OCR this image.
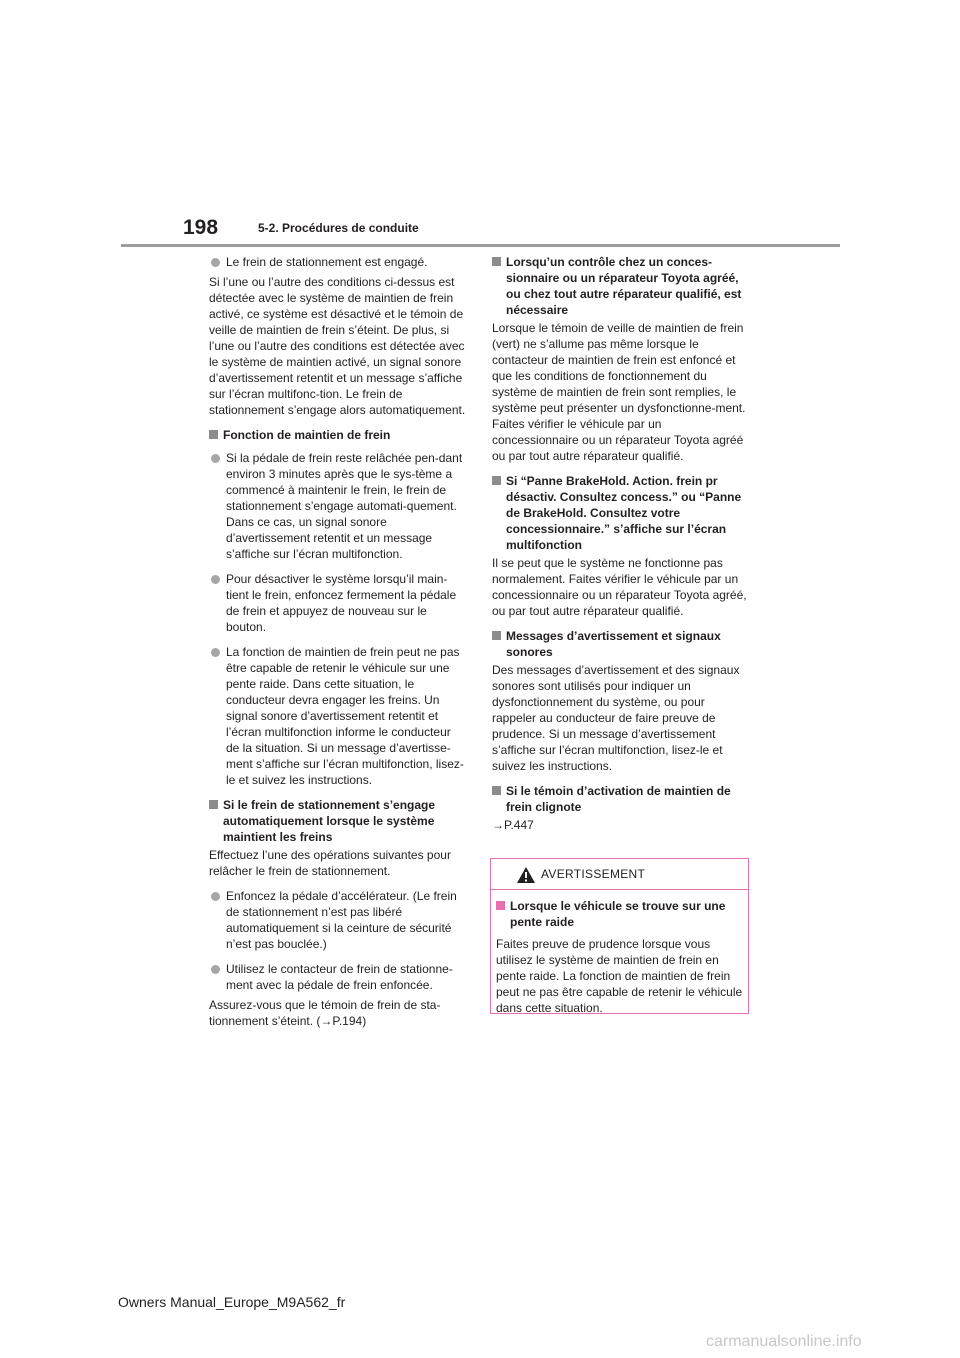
198	5-2. Procédures de conduite
Le frein de stationnement est engagé.

Si l’une ou l’autre des conditions ci-dessus est détectée avec le système de maintien de frein activé, ce système est désactivé et le témoin de veille de maintien de frein s’éteint. De plus, si l’une ou l’autre des conditions est détectée avec le système de maintien activé, un signal sonore d’avertissement retentit et un message s’affiche sur l’écran multifonc-tion. Le frein de stationnement s’engage alors automatiquement.

Fonction de maintien de frein
Si la pédale de frein reste relâchée pen-dant environ 3 minutes après que le sys-tème a commencé à maintenir le frein, le frein de stationnement s’engage automati-quement. Dans ce cas, un signal sonore d’avertissement retentit et un message s’affiche sur l’écran multifonction.
Pour désactiver le système lorsqu’il main-tient le frein, enfoncez fermement la pédale de frein et appuyez de nouveau sur le bouton.
La fonction de maintien de frein peut ne pas être capable de retenir le véhicule sur une pente raide. Dans cette situation, le conducteur devra engager les freins. Un signal sonore d’avertissement retentit et l’écran multifonction informe le conducteur de la situation. Si un message d’avertisse-ment s’affiche sur l’écran multifonction, lisez-le et suivez les instructions.
Si le frein de stationnement s’engage automatiquement lorsque le système maintient les freins

Effectuez l’une des opérations suivantes pour relâcher le frein de stationnement.

Enfoncez la pédale d’accélérateur. (Le frein de stationnement n’est pas libéré automatiquement si la ceinture de sécurité n’est pas bouclée.)
Utilisez le contacteur de frein de stationne-ment avec la pédale de frein enfoncée.

Assurez-vous que le témoin de frein de sta-tionnement s’éteint. (→P.194)

Lorsqu’un contrôle chez un conces-sionnaire ou un réparateur Toyota agréé, ou chez tout autre réparateur qualifié, est nécessaire

Lorsque le témoin de veille de maintien de frein (vert) ne s’allume pas même lorsque le contacteur de maintien de frein est enfoncé et que les conditions de fonctionnement du système de maintien de frein sont remplies, le système peut présenter un dysfonctionne-ment. Faites vérifier le véhicule par un concessionnaire ou un réparateur Toyota agréé ou par tout autre réparateur qualifié.

Si “Panne BrakeHold. Action. frein pr désactiv. Consultez concess.” ou “Panne de BrakeHold. Consultez votre concessionnaire.” s’affiche sur l’écran multifonction

Il se peut que le système ne fonctionne pas normalement. Faites vérifier le véhicule par un concessionnaire ou un réparateur Toyota agréé, ou par tout autre réparateur qualifié.

Messages d’avertissement et signaux sonores

Des messages d’avertissement et des signaux sonores sont utilisés pour indiquer un dysfonctionnement du système, ou pour rappeler au conducteur de faire preuve de prudence. Si un message d’avertissement s’affiche sur l’écran multifonction, lisez-le et suivez les instructions.

Si le témoin d’activation de maintien de frein clignote

→P.447

AVERTISSEMENT
Lorsque le véhicule se trouve sur une pente raide

Faites preuve de prudence lorsque vous utilisez le système de maintien de frein en pente raide. La fonction de maintien de frein peut ne pas être capable de retenir le véhicule dans cette situation.

Owners Manual_Europe_M9A562_fr
carmanualsonline.info
